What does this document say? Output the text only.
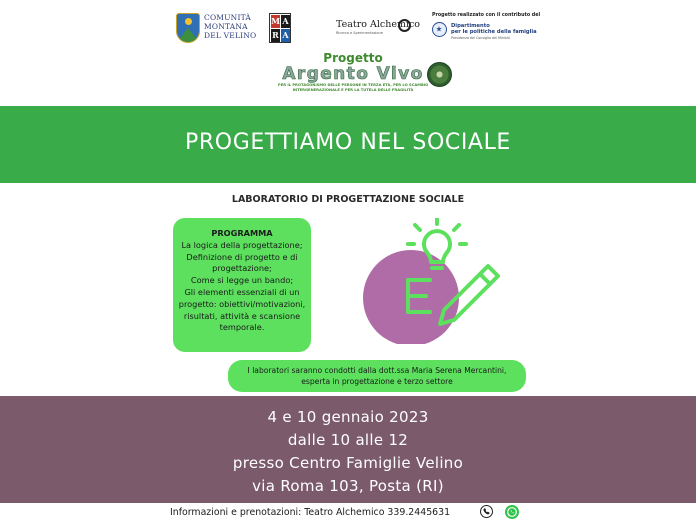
COMUNITÀ
MONTANA
DEL VELINO
M A
R A
Teatro Alchemico
Ricerca e Sperimentazione
Progetto realizzato con il contributo del
Dipartimento
per le politiche della famiglia
Presidenza del Consiglio dei Ministri
Progetto
Argento Vivo
PER IL PROTAGONISMO DELLE PERSONE IN TERZA ETÀ, PER LO SCAMBIO
INTERGENERAZIONALE E PER LA TUTELA DELLE FRAGILITÀ
PROGETTIAMO NEL SOCIALE
LABORATORIO DI PROGETTAZIONE SOCIALE
PROGRAMMA
La logica della progettazione;
Definizione di progetto e di
progettazione;
Come si legge un bando;
Gli elementi essenziali di un
progetto: obiettivi/motivazioni,
risultati, attività e scansione
temporale.
I laboratori saranno condotti dalla dott.ssa Maria Serena Mercantini,
esperta in progettazione e terzo settore
4 e 10 gennaio 2023
dalle 10 alle 12
presso Centro Famiglie Velino
via Roma 103, Posta (RI)
Informazioni e prenotazioni: Teatro Alchemico 339.2445631
